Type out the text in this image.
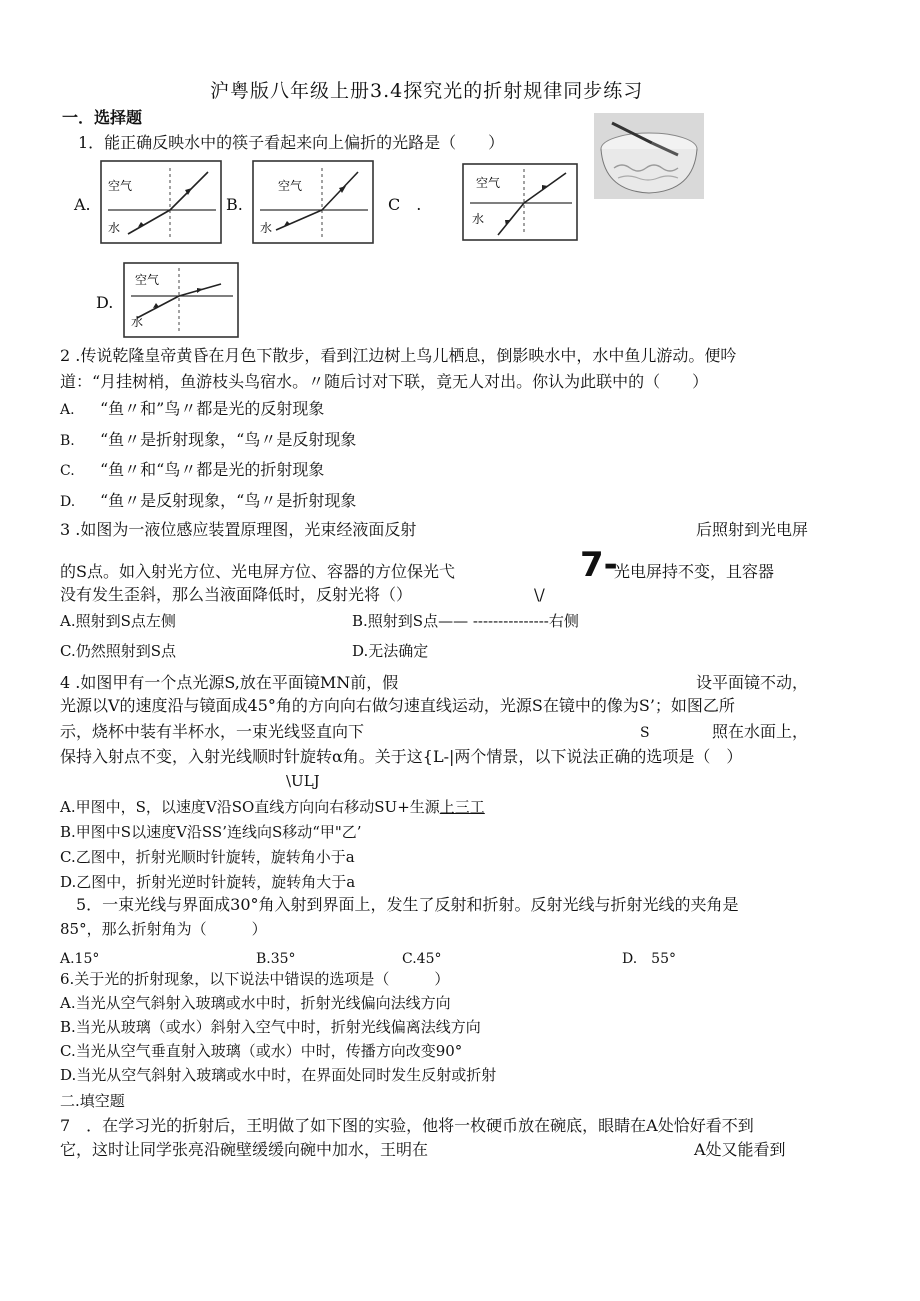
沪粤版八年级上册3.4探究光的折射规律同步练习
一．选择题
1．能正确反映水中的筷子看起来向上偏折的光路是（　　）
A.
空气
水
B.
空气
水
C　.
空气
水
D.
空气
水
2 .传说乾隆皇帝黄昏在月色下散步，看到江边树上鸟儿栖息，倒影映水中，水中鱼儿游动。便吟
道：“月挂树梢，鱼游枝头鸟宿水。〃随后讨对下联，竟无人对出。你认为此联中的（　　）
A. “鱼〃和”鸟〃都是光的反射现象
B. “鱼〃是折射现象，“鸟〃是反射现象
C. “鱼〃和“鸟〃都是光的折射现象
D. “鱼〃是反射现象，“鸟〃是折射现象
3 .如图为一液位感应装置原理图，光束经液面反射	后照射到光电屏
的S点。如入射光方位、光电屏方位、容器的方位保光弋	7-
光电屏持不变，且容器
没有发生歪斜，那么当液面降低时，反射光将（）	\/
A.照射到S点左侧	B.照射到S点—— ---------------右侧
C.仍然照射到S点	D.无法确定
4 .如图甲有一个点光源S,放在平面镜MN前，假	设平面镜不动，
光源以V的速度沿与镜面成45°角的方向向右做匀速直线运动，光源S在镜中的像为S’；如图乙所
示，烧杯中装有半杯水，一束光线竖直向下	S	照在水面上，
保持入射点不变，入射光线顺时针旋转α角。关于这{L-|两个情景，以下说法正确的选项是（　）
\ULJ
A.甲图中，S，以速度V沿SO直线方向向右移动SU+生源上三工
B.甲图中S以速度V沿SS’连线向S移动“甲"乙’
C.乙图中，折射光顺时针旋转，旋转角小于a
D.乙图中，折射光逆时针旋转，旋转角大于a
5．一束光线与界面成30°角入射到界面上，发生了反射和折射。反射光线与折射光线的夹角是
85°，那么折射角为（　　　）
A.15°	B.35°	C.45°	D.　55°
6.关于光的折射现象，以下说法中错误的选项是（　　　）
A.当光从空气斜射入玻璃或水中时，折射光线偏向法线方向
B.当光从玻璃（或水）斜射入空气中时，折射光线偏离法线方向
C.当光从空气垂直射入玻璃（或水）中时，传播方向改变90°
D.当光从空气斜射入玻璃或水中时，在界面处同时发生反射或折射
二.填空题
7　．在学习光的折射后，王明做了如下图的实验，他将一枚硬币放在碗底，眼睛在A处恰好看不到
它，这时让同学张亮沿碗壁缓缓向碗中加水，王明在	A处又能看到
